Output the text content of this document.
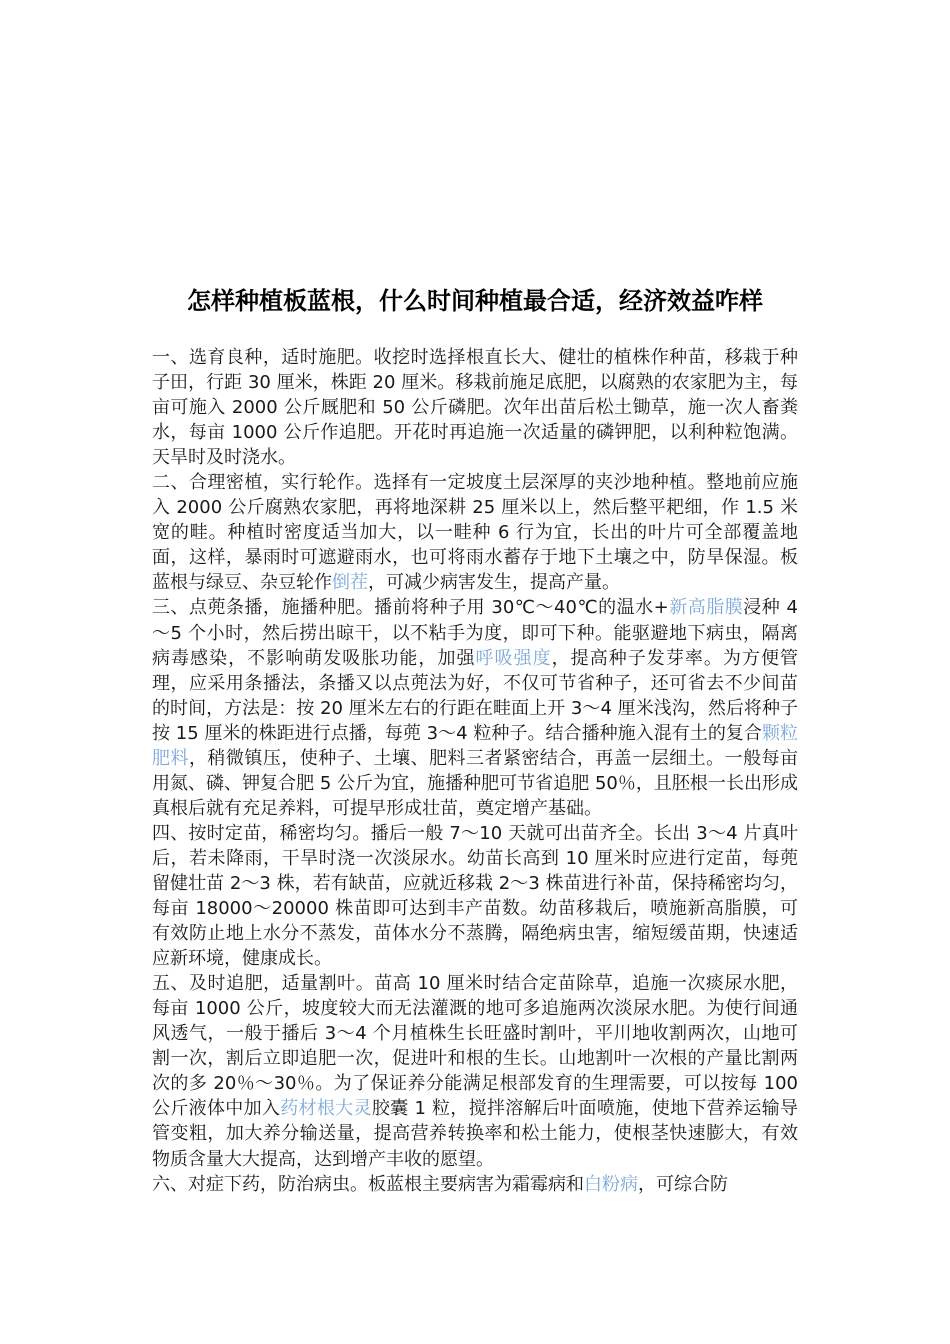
怎样种植板蓝根，什么时间种植最合适，经济效益咋样

一、选育良种，适时施肥。收挖时选择根直长大、健壮的植株作种苗，移栽于种子田，行距 30 厘米，株距 20 厘米。移栽前施足底肥，以腐熟的农家肥为主，每亩可施入 2000 公斤厩肥和 50 公斤磷肥。次年出苗后松土锄草，施一次人畜粪水，每亩 1000 公斤作追肥。开花时再追施一次适量的磷钾肥，以利种粒饱满。天旱时及时浇水。

二、合理密植，实行轮作。选择有一定坡度土层深厚的夹沙地种植。整地前应施入 2000 公斤腐熟农家肥，再将地深耕 25 厘米以上，然后整平耙细，作 1.5 米宽的畦。种植时密度适当加大，以一畦种 6 行为宜，长出的叶片可全部覆盖地面，这样，暴雨时可遮避雨水，也可将雨水蓄存于地下土壤之中，防旱保湿。板蓝根与绿豆、杂豆轮作倒茬，可减少病害发生，提高产量。

三、点蔸条播，施播种肥。播前将种子用 30℃～40℃的温水+新高脂膜浸种 4～5 个小时，然后捞出晾干，以不粘手为度，即可下种。能驱避地下病虫，隔离病毒感染，不影响萌发吸胀功能，加强呼吸强度，提高种子发芽率。为方便管理，应采用条播法，条播又以点蔸法为好，不仅可节省种子，还可省去不少间苗的时间，方法是：按 20 厘米左右的行距在畦面上开 3～4 厘米浅沟，然后将种子按 15 厘米的株距进行点播，每蔸 3～4 粒种子。结合播种施入混有土的复合颗粒肥料，稍微镇压，使种子、土壤、肥料三者紧密结合，再盖一层细土。一般每亩用氮、磷、钾复合肥 5 公斤为宜，施播种肥可节省追肥 50％，且胚根一长出形成真根后就有充足养料，可提早形成壮苗，奠定增产基础。

四、按时定苗，稀密均匀。播后一般 7～10 天就可出苗齐全。长出 3～4 片真叶后，若未降雨，干旱时浇一次淡尿水。幼苗长高到 10 厘米时应进行定苗，每蔸留健壮苗 2～3 株，若有缺苗，应就近移栽 2～3 株苗进行补苗，保持稀密均匀，每亩 18000～20000 株苗即可达到丰产苗数。幼苗移栽后，喷施新高脂膜，可有效防止地上水分不蒸发，苗体水分不蒸腾，隔绝病虫害，缩短缓苗期，快速适应新环境，健康成长。

五、及时追肥，适量割叶。苗高 10 厘米时结合定苗除草，追施一次痰尿水肥，每亩 1000 公斤，坡度较大而无法灌溉的地可多追施两次淡尿水肥。为使行间通风透气，一般于播后 3～4 个月植株生长旺盛时割叶，平川地收割两次，山地可割一次，割后立即追肥一次，促进叶和根的生长。山地割叶一次根的产量比割两次的多 20％～30％。为了保证养分能满足根部发育的生理需要，可以按每 100 公斤液体中加入药材根大灵胶囊 1 粒，搅拌溶解后叶面喷施，使地下营养运输导管变粗，加大养分输送量，提高营养转换率和松土能力，使根茎快速膨大，有效物质含量大大提高，达到增产丰收的愿望。

六、对症下药，防治病虫。板蓝根主要病害为霜霉病和白粉病，可综合防
